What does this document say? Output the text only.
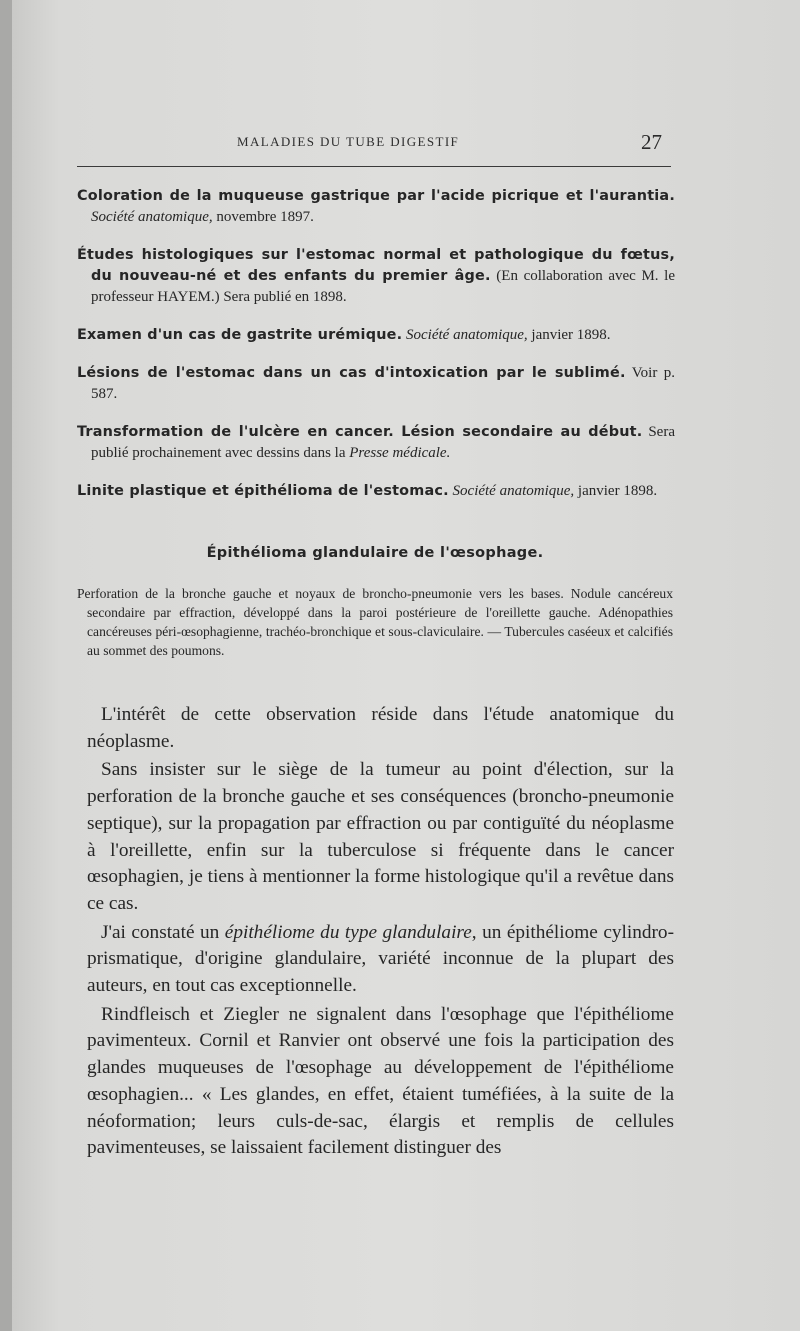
MALADIES DU TUBE DIGESTIF	27

Coloration de la muqueuse gastrique par l'acide picrique et l'aurantia. Société anatomique, novembre 1897.

Études histologiques sur l'estomac normal et pathologique du fœtus, du nouveau-né et des enfants du premier âge. (En collaboration avec M. le professeur HAYEM.) Sera publié en 1898.

Examen d'un cas de gastrite urémique. Société anatomique, janvier 1898.

Lésions de l'estomac dans un cas d'intoxication par le sublimé. Voir p. 587.

Transformation de l'ulcère en cancer. Lésion secondaire au début. Sera publié prochainement avec dessins dans la Presse médicale.

Linite plastique et épithélioma de l'estomac. Société anatomique, janvier 1898.

Épithélioma glandulaire de l'œsophage.

Perforation de la bronche gauche et noyaux de broncho-pneumonie vers les bases. Nodule cancéreux secondaire par effraction, développé dans la paroi postérieure de l'oreillette gauche. Adénopathies cancéreuses péri-œsophagienne, trachéo-bronchique et sous-claviculaire. — Tubercules caséeux et calcifiés au sommet des poumons.

L'intérêt de cette observation réside dans l'étude anatomique du néoplasme.

Sans insister sur le siège de la tumeur au point d'élection, sur la perforation de la bronche gauche et ses conséquences (broncho-pneumonie septique), sur la propagation par effraction ou par contiguïté du néoplasme à l'oreillette, enfin sur la tuberculose si fréquente dans le cancer œsophagien, je tiens à mentionner la forme histologique qu'il a revêtue dans ce cas.

J'ai constaté un épithéliome du type glandulaire, un épithéliome cylindro-prismatique, d'origine glandulaire, variété inconnue de la plupart des auteurs, en tout cas exceptionnelle.

Rindfleisch et Ziegler ne signalent dans l'œsophage que l'épithéliome pavimenteux. Cornil et Ranvier ont observé une fois la participation des glandes muqueuses de l'œsophage au développement de l'épithéliome œsophagien... « Les glandes, en effet, étaient tuméfiées, à la suite de la néoformation; leurs culs-de-sac, élargis et remplis de cellules pavimenteuses, se laissaient facilement distinguer des
